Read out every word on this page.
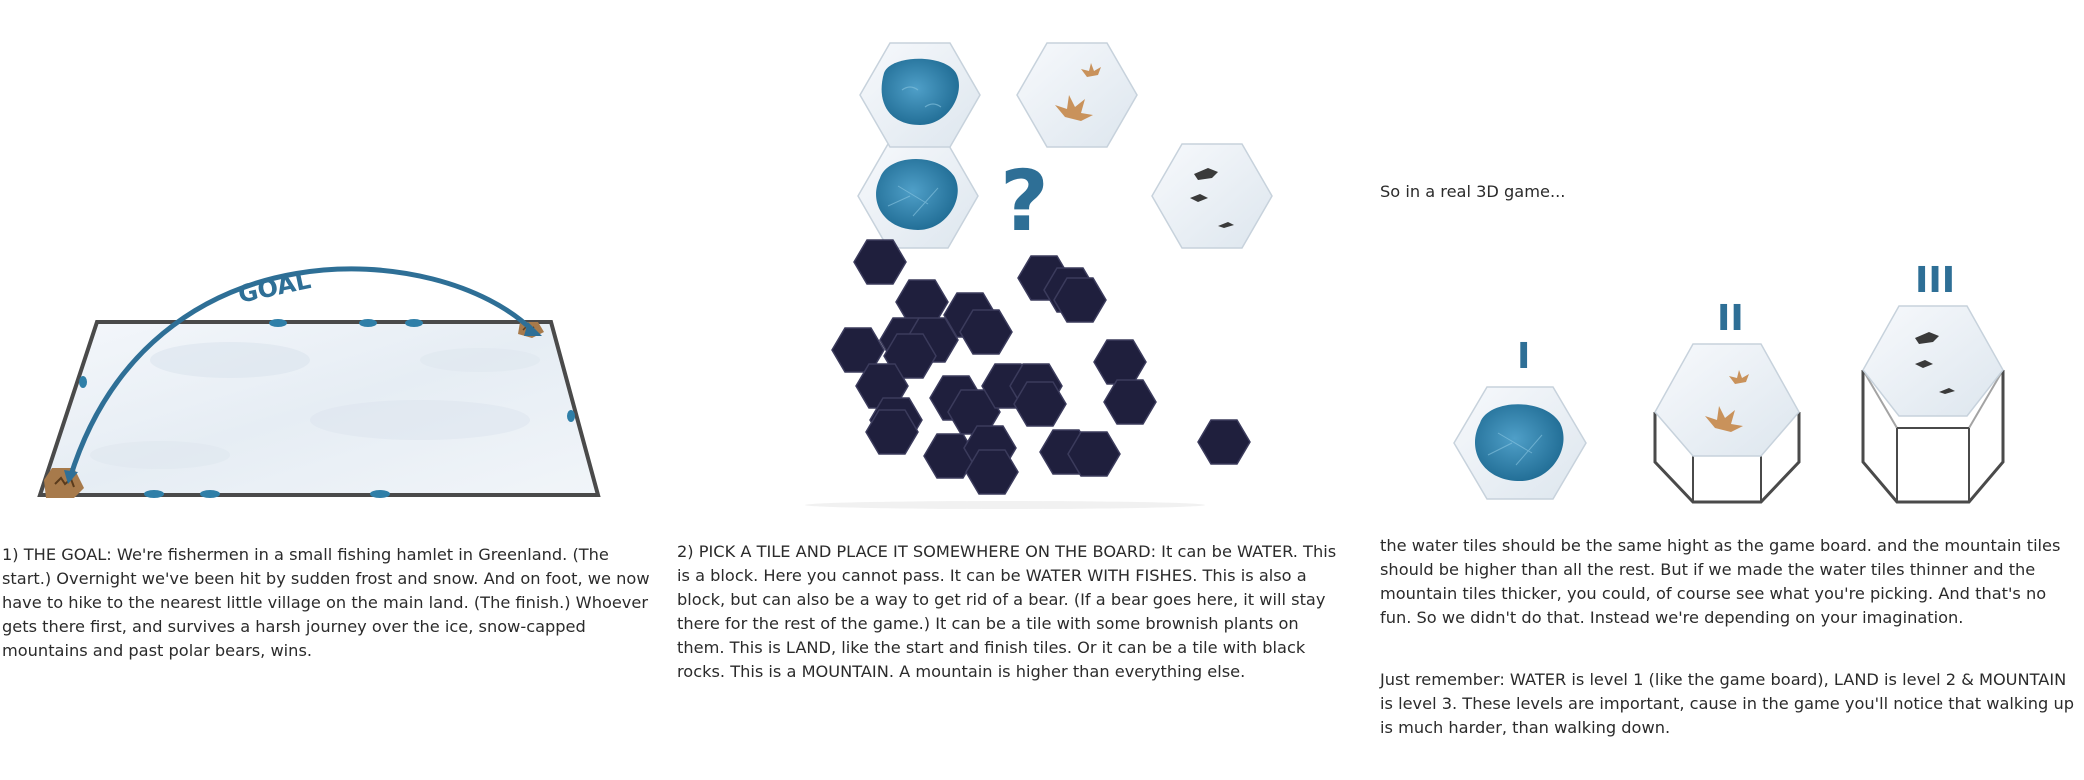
GOAL

1) THE GOAL: We're fishermen in a small fishing hamlet in Greenland. (The start.) Overnight we've been hit by sudden frost and snow. And on foot, we now have to hike to the nearest little village on the main land. (The finish.) Whoever gets there first, and survives a harsh journey over the ice, snow-capped mountains and past polar bears, wins.

?

2) PICK A TILE AND PLACE IT SOMEWHERE ON THE BOARD: It can be WATER. This is a block. Here you cannot pass. It can be WATER WITH FISHES. This is also a block, but can also be a way to get rid of a bear. (If a bear goes here, it will stay there for the rest of the game.) It can be a tile with some brownish plants on them. This is LAND, like the start and finish tiles. Or it can be a tile with black rocks. This is a MOUNTAIN. A mountain is higher than everything else.

So in a real 3D game...

I
II
III

the water tiles should be the same hight as the game board. and the mountain tiles should be higher than all the rest. But if we made the water tiles thinner and the mountain tiles thicker, you could, of course see what you're picking. And that's no fun. So we didn't do that. Instead we're depending on your imagination.

Just remember: WATER is level 1 (like the game board), LAND is level 2 & MOUNTAIN is level 3. These levels are important, cause in the game you'll notice that walking up is much harder, than walking down.
